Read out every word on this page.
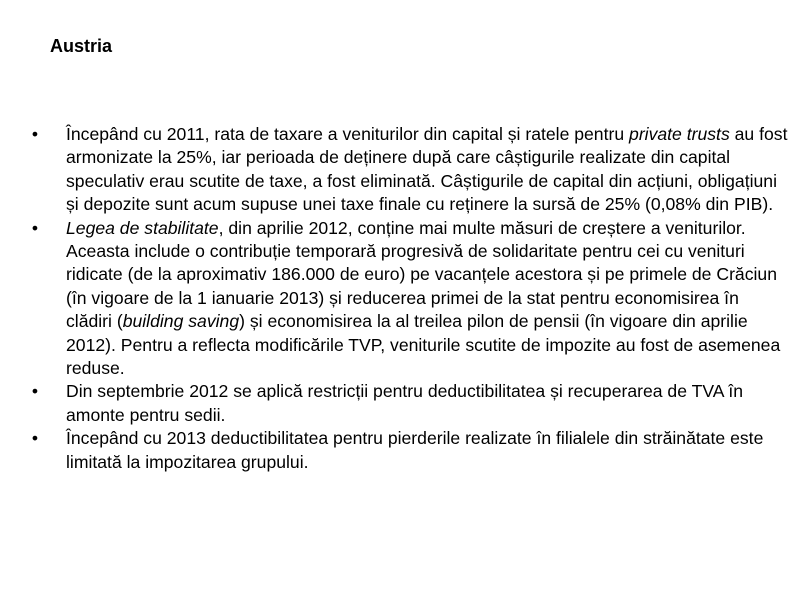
Austria
• Începând cu 2011, rata de taxare a veniturilor din capital și ratele pentru private trusts au fost armonizate la 25%, iar perioada de deținere după care câștigurile realizate din capital speculativ erau scutite de taxe, a fost eliminată. Câștigurile de capital din acțiuni, obligațiuni și depozite sunt acum supuse unei taxe finale cu reținere la sursă de 25% (0,08% din PIB).
• Legea de stabilitate, din aprilie 2012, conține mai multe măsuri de creștere a veniturilor. Aceasta include o contribuție temporară progresivă de solidaritate pentru cei cu venituri ridicate (de la aproximativ 186.000 de euro) pe vacanțele acestora și pe primele de Crăciun (în vigoare de la 1 ianuarie 2013) și reducerea primei de la stat pentru economisirea în clădiri (building saving) și economisirea la al treilea pilon de pensii (în vigoare din aprilie 2012). Pentru a reflecta modificările TVP, veniturile scutite de impozite au fost de asemenea reduse.
• Din septembrie 2012 se aplică restricții pentru deductibilitatea și recuperarea de TVA în amonte pentru sedii.
• Începând cu 2013 deductibilitatea pentru pierderile realizate în filialele din străinătate este limitată la impozitarea grupului.
